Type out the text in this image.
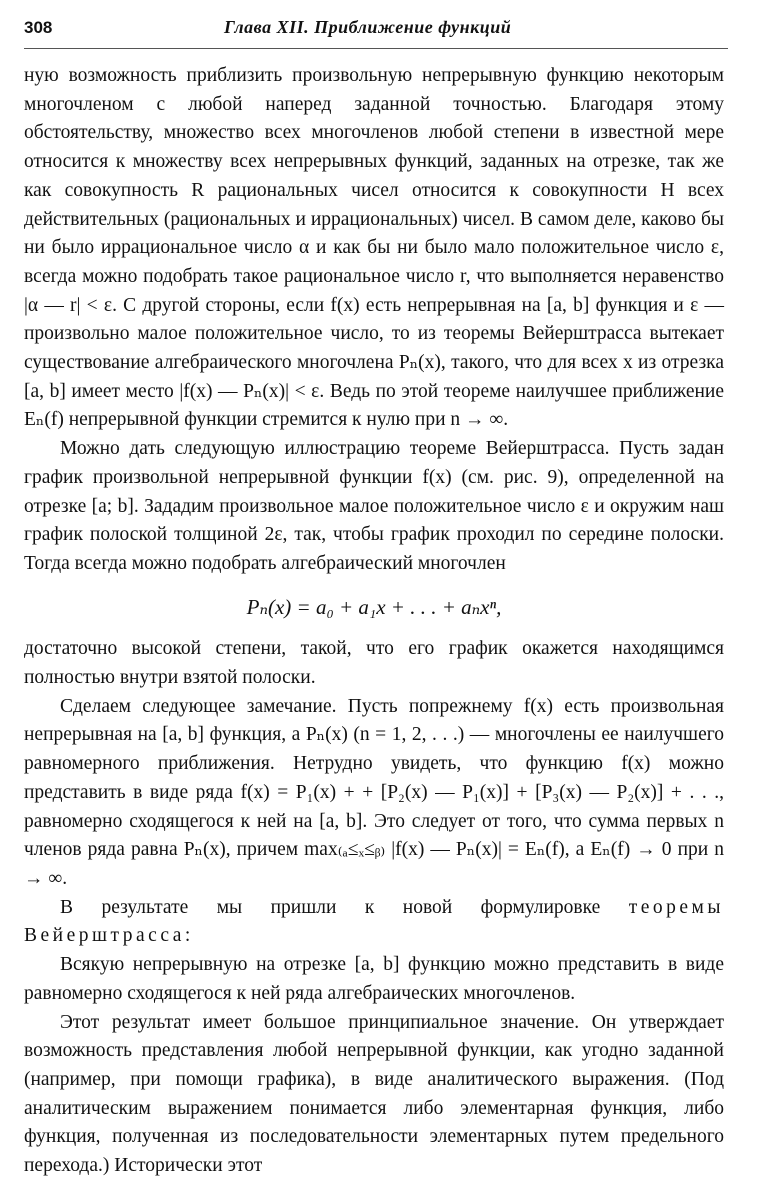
308	Глава XII. Приближение функций

ную возможность приблизить произвольную непрерывную функцию некоторым многочленом с любой наперед заданной точностью. Благодаря этому обстоятельству, множество всех многочленов любой степени в известной мере относится к множеству всех непрерывных функций, заданных на отрезке, так же как совокупность R рациональных чисел относится к совокупности H всех действительных (рациональных и иррациональных) чисел. В самом деле, каково бы ни было иррациональное число α и как бы ни было мало положительное число ε, всегда можно подобрать такое рациональное число r, что выполняется неравенство |α — r| < ε. С другой стороны, если f(x) есть непрерывная на [a, b] функция и ε — произвольно малое положительное число, то из теоремы Вейерштрасса вытекает существование алгебраического многочлена Pₙ(x), такого, что для всех x из отрезка [a, b] имеет место |f(x) — Pₙ(x)| < ε. Ведь по этой теореме наилучшее приближение Eₙ(f) непрерывной функции стремится к нулю при n → ∞.

Можно дать следующую иллюстрацию теореме Вейерштрасса. Пусть задан график произвольной непрерывной функции f(x) (см. рис. 9), определенной на отрезке [a; b]. Зададим произвольное малое положительное число ε и окружим наш график полоской толщиной 2ε, так, чтобы график проходил по середине полоски. Тогда всегда можно подобрать алгебраический многочлен

Pₙ(x) = a₀ + a₁x + . . . + aₙxⁿ,

достаточно высокой степени, такой, что его график окажется находящимся полностью внутри взятой полоски.

Сделаем следующее замечание. Пусть попрежнему f(x) есть произвольная непрерывная на [a, b] функция, а Pₙ(x) (n = 1, 2, . . .) — многочлены ее наилучшего равномерного приближения. Нетрудно увидеть, что функцию f(x) можно представить в виде ряда f(x) = P₁(x) + + [P₂(x) — P₁(x)] + [P₃(x) — P₂(x)] + . . ., равномерно сходящегося к ней на [a, b]. Это следует от того, что сумма первых n членов ряда равна Pₙ(x), причем max₍ₐ≤ₓ≤ᵦ₎ |f(x) — Pₙ(x)| = Eₙ(f), а Eₙ(f) → 0 при n → ∞.

В результате мы пришли к новой формулировке теоремы Вейерштрасса:

Всякую непрерывную на отрезке [a, b] функцию можно представить в виде равномерно сходящегося к ней ряда алгебраических многочленов.

Этот результат имеет большое принципиальное значение. Он утверждает возможность представления любой непрерывной функции, как угодно заданной (например, при помощи графика), в виде аналитического выражения. (Под аналитическим выражением понимается либо элементарная функция, либо функция, полученная из последовательности элементарных путем предельного перехода.) Исторически этот
